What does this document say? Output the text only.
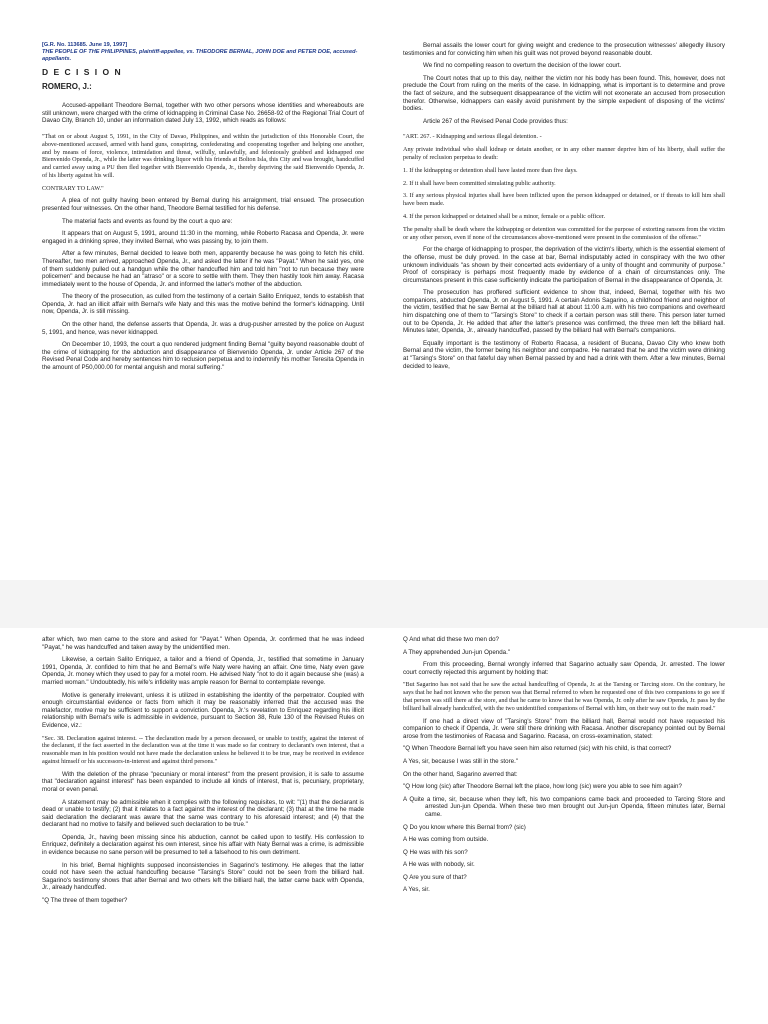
[G.R. No. 113685. June 19, 1997]
THE PEOPLE OF THE PHILIPPINES, plaintiff-appellee, vs. THEODORE BERNAL, JOHN DOE and PETER DOE, accused-appellants.
D E C I S I O N
ROMERO, J.:

Accused-appellant Theodore Bernal, together with two other persons whose identities and whereabouts are still unknown, were charged with the crime of kidnapping in Criminal Case No. 26658-92 of the Regional Trial Court of Davao City, Branch 10, under an information dated July 13, 1992, which reads as follows:

"That on or about August 5, 1991, in the City of Davao, Philippines, and within the jurisdiction of this Honorable Court, the above-mentioned accused, armed with hand guns, conspiring, confederating and cooperating together and helping one another, and by means of force, violence, intimidation and threat, wilfully, unlawfully, and feloniously grabbed and kidnapped one Bienvenido Openda, Jr., while the latter was drinking liquor with his friends at Bolton Isla, this City and was brought, handcuffed and carried away using a PU then fled together with Bienvenido Openda, Jr., thereby depriving the said Bienvenido Openda, Jr. of his liberty against his will.

CONTRARY TO LAW."

A plea of not guilty having been entered by Bernal during his arraignment, trial ensued. The prosecution presented four witnesses. On the other hand, Theodore Bernal testified for his defense.

The material facts and events as found by the court a quo are:

It appears that on August 5, 1991, around 11:30 in the morning, while Roberto Racasa and Openda, Jr. were engaged in a drinking spree, they invited Bernal, who was passing by, to join them.

After a few minutes, Bernal decided to leave both men, apparently because he was going to fetch his child. Thereafter, two men arrived, approached Openda, Jr., and asked the latter if he was "Payat." When he said yes, one of them suddenly pulled out a handgun while the other handcuffed him and told him "not to run because they were policemen" and because he had an "atraso" or a score to settle with them. They then hastily took him away. Racasa immediately went to the house of Openda, Jr. and informed the latter's mother of the abduction.

The theory of the prosecution, as culled from the testimony of a certain Salito Enriquez, tends to establish that Openda, Jr. had an illicit affair with Bernal's wife Naty and this was the motive behind the former's kidnapping. Until now, Openda, Jr. is still missing.

On the other hand, the defense asserts that Openda, Jr. was a drug-pusher arrested by the police on August 5, 1991, and hence, was never kidnapped.

On December 10, 1993, the court a quo rendered judgment finding Bernal "guilty beyond reasonable doubt of the crime of kidnapping for the abduction and disappearance of Bienvenido Openda, Jr. under Article 267 of the Revised Penal Code and hereby sentences him to reclusion perpetua and to indemnify his mother Teresita Openda in the amount of P50,000.00 for mental anguish and moral suffering."

Bernal assails the lower court for giving weight and credence to the prosecution witnesses' allegedly illusory testimonies and for convicting him when his guilt was not proved beyond reasonable doubt.

We find no compelling reason to overturn the decision of the lower court.

The Court notes that up to this day, neither the victim nor his body has been found. This, however, does not preclude the Court from ruling on the merits of the case. In kidnapping, what is important is to determine and prove the fact of seizure, and the subsequent disappearance of the victim will not exonerate an accused from prosecution therefor. Otherwise, kidnappers can easily avoid punishment by the simple expedient of disposing of the victims' bodies.

Article 267 of the Revised Penal Code provides thus:

"ART. 267. - Kidnapping and serious illegal detention. -

Any private individual who shall kidnap or detain another, or in any other manner deprive him of his liberty, shall suffer the penalty of reclusion perpetua to death:

1. If the kidnapping or detention shall have lasted more than five days.

2. If it shall have been committed simulating public authority.

3. If any serious physical injuries shall have been inflicted upon the person kidnapped or detained, or if threats to kill him shall have been made.

4. If the person kidnapped or detained shall be a minor, female or a public officer.

The penalty shall be death where the kidnapping or detention was committed for the purpose of extorting ransom from the victim or any other person, even if none of the circumstances above-mentioned were present in the commission of the offense."

For the charge of kidnapping to prosper, the deprivation of the victim's liberty, which is the essential element of the offense, must be duly proved. In the case at bar, Bernal indisputably acted in conspiracy with the two other unknown individuals "as shown by their concerted acts evidentiary of a unity of thought and community of purpose." Proof of conspiracy is perhaps most frequently made by evidence of a chain of circumstances only. The circumstances present in this case sufficiently indicate the participation of Bernal in the disappearance of Openda, Jr.

The prosecution has proffered sufficient evidence to show that, indeed, Bernal, together with his two companions, abducted Openda, Jr. on August 5, 1991. A certain Adonis Sagarino, a childhood friend and neighbor of the victim, testified that he saw Bernal at the billiard hall at about 11:00 a.m. with his two companions and overheard him dispatching one of them to "Tarsing's Store" to check if a certain person was still there. This person later turned out to be Openda, Jr. He added that after the latter's presence was confirmed, the three men left the billiard hall. Minutes later, Openda, Jr., already handcuffed, passed by the billiard hall with Bernal's companions.

Equally important is the testimony of Roberto Racasa, a resident of Bucana, Davao City who knew both Bernal and the victim, the former being his neighbor and compadre. He narrated that he and the victim were drinking at "Tarsing's Store" on that fateful day when Bernal passed by and had a drink with them. After a few minutes, Bernal decided to leave,

after which, two men came to the store and asked for "Payat." When Openda, Jr. confirmed that he was indeed "Payat," he was handcuffed and taken away by the unidentified men.

Likewise, a certain Salito Enriquez, a tailor and a friend of Openda, Jr., testified that sometime in January 1991, Openda, Jr. confided to him that he and Bernal's wife Naty were having an affair. One time, Naty even gave Openda, Jr. money which they used to pay for a motel room. He advised Naty "not to do it again because she (was) a married woman." Undoubtedly, his wife's infidelity was ample reason for Bernal to contemplate revenge.

Motive is generally irrelevant, unless it is utilized in establishing the identity of the perpetrator. Coupled with enough circumstantial evidence or facts from which it may be reasonably inferred that the accused was the malefactor, motive may be sufficient to support a conviction. Openda, Jr.'s revelation to Enriquez regarding his illicit relationship with Bernal's wife is admissible in evidence, pursuant to Section 38, Rule 130 of the Revised Rules on Evidence, viz.:

"Sec. 38. Declaration against interest. -- The declaration made by a person deceased, or unable to testify, against the interest of the declarant, if the fact asserted in the declaration was at the time it was made so far contrary to declarant's own interest, that a reasonable man in his position would not have made the declaration unless he believed it to be true, may be received in evidence against himself or his successors-in-interest and against third persons."

With the deletion of the phrase "pecuniary or moral interest" from the present provision, it is safe to assume that "declaration against interest" has been expanded to include all kinds of interest, that is, pecuniary, proprietary, moral or even penal.

A statement may be admissible when it complies with the following requisites, to wit: "(1) that the declarant is dead or unable to testify; (2) that it relates to a fact against the interest of the declarant; (3) that at the time he made said declaration the declarant was aware that the same was contrary to his aforesaid interest; and (4) that the declarant had no motive to falsify and believed such declaration to be true."

Openda, Jr., having been missing since his abduction, cannot be called upon to testify. His confession to Enriquez, definitely a declaration against his own interest, since his affair with Naty Bernal was a crime, is admissible in evidence because no sane person will be presumed to tell a falsehood to his own detriment.

In his brief, Bernal highlights supposed inconsistencies in Sagarino's testimony. He alleges that the latter could not have seen the actual handcuffing because "Tarsing's Store" could not be seen from the billiard hall. Sagarino's testimony shows that after Bernal and two others left the billiard hall, the latter came back with Openda, Jr., already handcuffed.

"Q The three of them together?

Q And what did these two men do?

A They apprehended Jun-jun Openda."

From this proceeding, Bernal wrongly inferred that Sagarino actually saw Openda, Jr. arrested. The lower court correctly rejected this argument by holding that:

"But Sagarino has not said that he saw the actual handcuffing of Openda, Jr. at the Tarsing or Tarcing store. On the contrary, he says that he had not known who the person was that Bernal referred to when he requested one of this two companions to go see if that person was still there at the store, and that he came to know that he was Openda, Jr. only after he saw Openda, Jr. pass by the billiard hall already handcuffed, with the two unidentified companions of Bernal with him, on their way out to the main road."

If one had a direct view of "Tarsing's Store" from the billiard hall, Bernal would not have requested his companion to check if Openda, Jr. were still there drinking with Racasa. Another discrepancy pointed out by Bernal arose from the testimonies of Racasa and Sagarino. Racasa, on cross-examination, stated:

"Q When Theodore Bernal left you have seen him also returned (sic) with his child, is that correct?

A Yes, sir, because I was still in the store."

On the other hand, Sagarino averred that:

"Q How long (sic) after Theodore Bernal left the place, how long (sic) were you able to see him again?

A Quite a time, sir, because when they left, his two companions came back and proceeded to Tarcing Store and arrested Jun-jun Openda. When these two men brought out Jun-jun Openda, fifteen minutes later, Bernal came.

Q Do you know where this Bernal from? (sic)

A He was coming from outside.

Q He was with his son?

A He was with nobody, sir.

Q Are you sure of that?

A Yes, sir.
